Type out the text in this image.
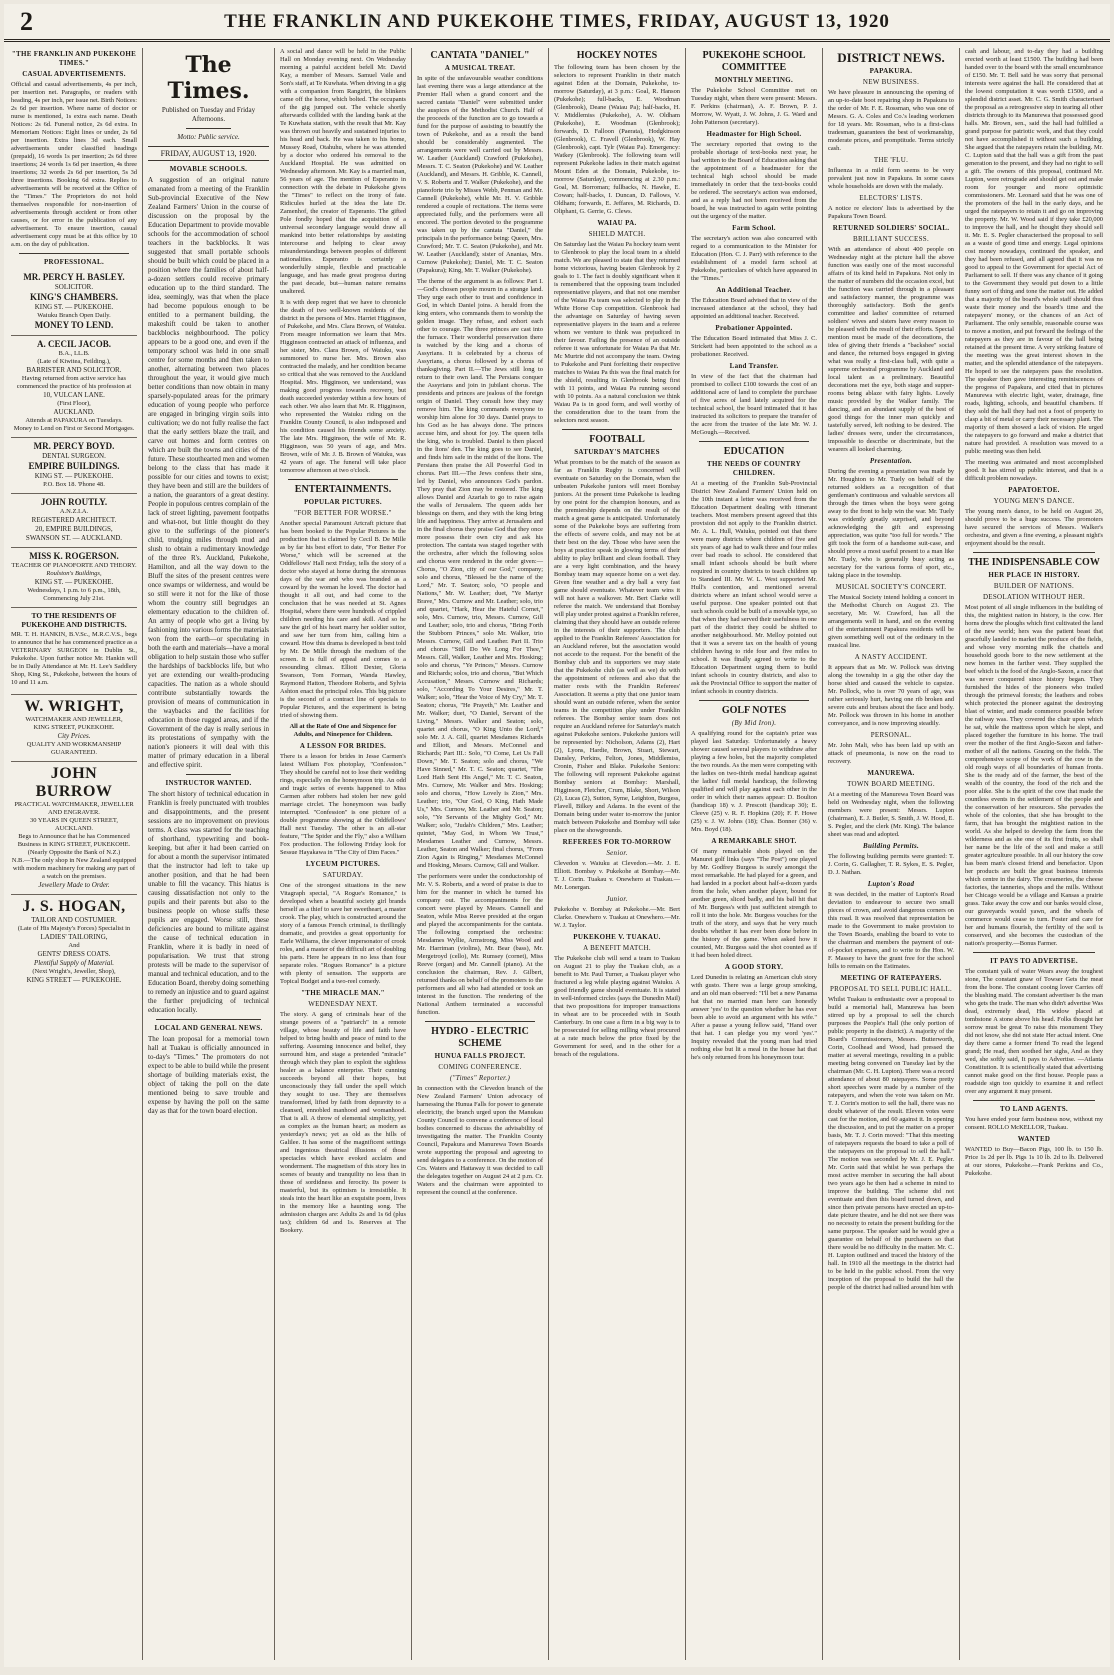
2	THE FRANKLIN AND PUKEKOHE TIMES, FRIDAY, AUGUST 13, 1920
"THE FRANKLIN AND PUKEKOHE TIMES."
CASUAL ADVERTISEMENTS.

Official and casual advertisements, 4s per inch, per insertion net. Paragraphs, or readers with heading, 4s per inch, per issue net. Birth Notices: 2s 6d per insertion. Where name of doctor or nurse is mentioned, 1s extra each name. Death Notices: 2s 6d. Funeral notice, 2s 6d extra. In Memoriam Notices: Eight lines or under, 2s 6d per insertion. Extra lines 3d each. Small advertisements under classified headings (prepaid), 16 words 1s per insertion; 2s 6d three insertions; 24 words 1s 6d per insertion, 4s three insertions; 32 words 2s 6d per insertion, 5s 3d three insertions. Booking 6d extra. Replies to advertisements will be received at the Office of the "Times." The Proprietors do not hold themselves responsible for non-insertion of advertisements through accident or from other causes, or for error in the publication of any advertisement. To ensure insertion, casual advertisement copy must be at this office by 10 a.m. on the day of publication.

PROFESSIONAL.
MR. PERCY H. BASLEY.
SOLICITOR.
KING'S CHAMBERS.
KING ST. — PUKEKOHE.
Waiuku Branch Open Daily.
MONEY TO LEND.
A. CECIL JACOB.
B.A., LL.B.
(Late of Kiwitea, Feilding.),
BARRISTER AND SOLICITOR.
Having returned from active service has commenced the practice of his profession at
10, VULCAN LANE.
(First Floor),
AUCKLAND.
Attends at PAPAKURA on Tuesdays.
Money to Lend on First or Second Mortgages.
MR. PERCY BOYD.
DENTAL SURGEON.
EMPIRE BUILDINGS.
KING ST. — PUKEKOHE.
P.O. Box 18. 'Phone 48.
JOHN ROUTLY.
A.N.Z.I.A.
REGISTERED ARCHITECT.
20, EMPIRE BUILDINGS,
SWANSON ST. — AUCKLAND.
MISS K. ROGERSON.
TEACHER OF PIANOFORTE AND THEORY.
Roulston's Buildings,
KING ST. — PUKEKOHE.
Wednesdays, 1 p.m. to 6 p.m., 18th, Commencing July 21st.
TO THE RESIDENTS OF PUKEKOHE AND DISTRICTS.

MR. T. H. HANKIN, B.V.Sc., M.R.C.V.S., begs to announce that he has commenced practice as a VETERINARY SURGEON in Dublin St., Pukekohe. Upon further notice Mr. Hankin will be in Daily Attendance at Mr. H. Lee's Saddlery Shop, King St., Pukekohe, between the hours of 10 and 11 a.m.

W. WRIGHT,
WATCHMAKER AND JEWELLER,
KING STREET, PUKEKOHE.
City Prices.
QUALITY AND WORKMANSHIP GUARANTEED.
JOHN BURROW
PRACTICAL WATCHMAKER, JEWELLER AND ENGRAVER.
30 YEARS IN QUEEN STREET, AUCKLAND.
Begs to Announce that he has Commenced Business in KING STREET, PUKEKOHE. (Nearly Opposite the Bank of N.Z.)
N.B.—The only shop in New Zealand equipped with modern machinery for making any part of a watch on the premises.
Jewellery Made to Order.
J. S. HOGAN,
TAILOR AND COSTUMIER.
(Late of His Majesty's Forces) Specialist in
LADIES' TAILORING,
And
GENTS' DRESS COATS.
Plentiful Supply of Material.
(Next Wright's, Jeweller, Shop),
KING STREET — PUKEKOHE.
The Times.
Published on Tuesday and Friday Afternoons.
Motto: Public service.
FRIDAY, AUGUST 13, 1920.
MOVABLE SCHOOLS.

A suggestion of an original nature emanated from a meeting of the Franklin Sub-provincial Executive of the New Zealand Farmers' Union in the course of discussion on the proposal by the Education Department to provide movable schools for the accommodation of school teachers in the backblocks. It was suggested that small portable schools should be built which could be placed in a position where the families of about half-a-dozen settlers could receive primary education up to the third standard. The idea, seemingly, was that when the place had become populous enough to be entitled to a permanent building, the makeshift could be taken to another backblocks neighbourhood. The policy appears to be a good one, and even if the temporary school was held in one small centre for some months and then taken to another, alternating between two places throughout the year, it would give much better conditions than now obtain in many sparsely-populated areas for the primary education of young people who perforce are engaged in bringing virgin soils into cultivation; we do not fully realise the fact that the early settlers blaze the trail, and carve out homes and form centres on which are built the towns and cities of the future. These stouthearted men and women belong to the class that has made it possible for our cities and towns to exist; they have been and still are the builders of a nation, the guarantors of a great destiny. People in populous centres complain of the lack of street lighting, pavement footpaths and what-not, but little thought do they give to the sufferings of the pioneer's child, trudging miles through mud and slush to obtain a rudimentary knowledge of the three R's. Auckland, Pukekohe, Hamilton, and all the way down to the Bluff the sites of the present centres were once swamps or wilderness, and would be so still were it not for the like of those whom the country still begrudges an elementary education to the children of. An army of people who get a living by fashioning into various forms the materials won from the earth—or speculating in both the earth and materials—have a moral obligation to help sustain those who suffer the hardships of backblocks life, but who yet are extending our wealth-producing capacities. The nation as a whole should contribute substantially towards the provision of means of communication in the waybacks and the facilities for education in those rugged areas, and if the Government of the day is really serious in its protestations of sympathy with the nation's pioneers it will deal with this matter of primary education in a liberal and effective spirit.

INSTRUCTOR WANTED.

The short history of technical education in Franklin is freely punctuated with troubles and disappointments, and the present sessions are no improvement on previous terms. A class was started for the teaching of shorthand, typewriting and book-keeping, but after it had been carried on for about a month the supervisor intimated that the instructor had left to take up another position, and that he had been unable to fill the vacancy. This hiatus is causing dissatisfaction not only to the pupils and their parents but also to the business people on whose staffs these pupils are engaged. Worse still, these deficiencies are bound to militate against the cause of technical education in Franklin, where it is badly in need of popularisation. We trust that strong protests will be made to the supervisor of manual and technical education, and to the Education Board, thereby doing something to remedy an injustice and to guard against the further prejudicing of technical education locally.

LOCAL AND GENERAL NEWS.

The loan proposal for a memorial town hall at Tuakau is officially announced in to-day's "Times." The promoters do not expect to be able to build while the present shortage of building materials exist, the object of taking the poll on the date mentioned being to save trouble and expense by having the poll on the same day as that for the town board election.

A social and dance will be held in the Public Hall on Monday evening next. On Wednesday morning a painful accident befell Mr. David Kay, a member of Messrs. Samuel Vaile and Son's staff, at Te Kuwhata. When driving in a gig with a companion from Rangiriri, the blinkers came off the horse, which bolted. The occupants of the gig jumped out. The vehicle shortly afterwards collided with the landing bank at the Te Kuwhata station, with the result that Mr. Kay was thrown out heavily and sustained injuries to his head and back. He was taken to his home, Mussey Road, Otahuhu, where he was attended by a doctor who ordered his removal to the Auckland Hospital. He was admitted on Wednesday afternoon. Mr. Kay is a married man, 56 years of age. The mention of Esperanto in connection with the debate in Pukekohe gives the "Times" to reflect on the irony of fate. Ridicules hurled at the idea the late Dr. Zamenhof, the creator of Esperanto. The gifted Pole fondly hoped that the acquisition of a universal secondary language would draw all mankind into better relationships by assisting intercourse and helping to clear away misunderstandings between peoples of different nationalities. Esperanto is certainly a wonderfully simple, flexible and practicable language, and has made great progress during the past decade, but—human nature remains unaltered.

It is with deep regret that we have to chronicle the death of two well-known residents of the district in the persons of Mrs. Harriet Higginson, of Pukekohe, and Mrs. Clara Brown, of Waiuku. From meagre information we learn that Mrs. Higginson contracted an attack of influenza, and her sister, Mrs. Clara Brown, of Waiuku, was summoned to nurse her. Mrs. Brown also contracted the malady, and her condition became so critical that she was removed to the Auckland Hospital. Mrs. Higginson, we understand, was making good progress towards recovery, but death succeeded yesterday within a few hours of each other. We also learn that Mr. R. Higginson, who represented the Waiuku riding on the Franklin County Council, is also indisposed and his condition caused his friends some anxiety. The late Mrs. Higginson, the wife of Mr. R. Higginson, was 50 years of age, and Mrs. Brown, wife of Mr. J. B. Brown of Waiuku, was 42 years of age. The funeral will take place tomorrow afternoon at two o'clock.

ENTERTAINMENTS.
POPULAR PICTURES.
"FOR BETTER FOR WORSE."

Another special Paramount Artcraft picture that has been booked to the Popular Pictures is the production that is claimed by Cecil B. De Mille as by far his best effort to date, "For Better For Worse," which will be screened at the Oddfellows' Hall next Friday, tells the story of a doctor who stayed at home during the strenuous days of the war and who was branded as a coward by the woman he loved. The doctor had thought it all out, and had come to the conclusion that he was needed at St. Agnes Hospital, where there were hundreds of crippled children needing his care and skill. And so he saw the girl of his heart marry her soldier suitor, and saw her turn from him, calling him a coward. How this drama is developed is best told by Mr. De Mille through the medium of the screen. It is full of appeal and comes to a resounding climax. Elliott Dexter, Gloria Swanson, Tom Forman, Wanda Hawley, Raymond Hatton, Theodore Roberts, and Sylvia Ashton enact the principal roles. This big picture is the second of a contract line of specials to Popular Pictures, and the experiment is being tried of showing them.

All at the Rate of One and Sixpence for Adults, and Ninepence for Children.

A LESSON FOR BRIDES.

There is a lesson for brides in Jesse Carmen's latest William Fox photoplay, "Confession." They should be careful not to lose their wedding rings, especially on the honeymoon trip. An odd and tragic series of events happened to Miss Carmen after robbers had stolen her new gold marriage circlet. The honeymoon was badly interrupted. "Confession" is one picture of a double programme showing at the Oddfellows' Hall next Tuesday. The other is an all-star feature, "The Spider and the Fly," also a William Fox production. The following Friday look for Sessue Hayakawa in "The City of Dim Faces."

LYCEUM PICTURES.
SATURDAY.

One of the strongest situations in the new Vitagraph special, "A Rogue's Romance," is developed when a beautiful society girl brands herself as a thief to save her sweetheart, a master crook. The play, which is constructed around the story of a famous French criminal, is thrillingly dramatic, and provides a great opportunity for Earle Williams, the clever impersonator of crook roles, and a master of the difficult art of doubling his parts. Here he appears in no less than four separate roles. "Rogues Romance" is a picture with plenty of sensation. The supports are Topical Budget and a two-reel comedy.

"THE MIRACLE MAN."
WEDNESDAY NEXT.

The story. A gang of criminals hear of the strange powers of a "patriarch" in a remote village, whose beauty of life and faith have helped to bring health and peace of mind to the suffering. Assuming innocence and belief, they surround him, and stage a pretended "miracle" through which they plan to exploit the sightless healer as a balance enterprise. Their cunning succeeds beyond all their hopes, but unconsciously they fall under the spell which they sought to use. They are themselves transformed, lifted by faith from depravity to a cleansed, ennobled manhood and womanhood. That is all. A throw of elemental simplicity, yet as complex as the human heart; as modern as yesterday's news; yet as old as the hills of Galilee. It has some of the magnificent settings and ingenious theatrical illusions of those spectacles which have evoked acclaim and wonderment. The magnetism of this story lies in scenes of beauty and tranquility no less than in those of sordidness and ferocity. Its power is masterful, but its optimism is irresistible. It steals into the heart like an exquisite poem, lives in the memory like a haunting song. The admission charges are: Adults 2s and 1s 6d (plus tax); children 6d and 1s. Reserves at The Bookery.

CANTATA "DANIEL"
A MUSICAL TREAT.

In spite of the unfavourable weather conditions last evening there was a large attendance at the Premier Hall when a grand concert and the sacred cantata "Daniel" were submitted under the auspices of the Methodist Church. Half of the proceeds of the function are to go towards a fund for the purpose of assisting to beautify the town of Pukekohe, and as a result the band should be considerably augmented. The arrangements were well carried out by Messrs. W. Leather (Auckland) Crawford (Pukekohe), Messrs. T. C. Seaton (Pukekohe) and W. Leather (Auckland), and Messrs. H. Gribble, K. Cannell, V. S. Roberts and T. Walker (Pukekohe), and the pianoforte trio by Misses Webb, Penman and Mr. Cannell (Pukekohe), while Mr. H. V. Gribble rendered a couple of recitations. The items were appreciated fully, and the performers were all encored. The portion devoted to the programme was taken up by the cantata "Daniel," the principals in the performance being: Queen, Mrs. Crawford; Mr. T. C. Seaton (Pukekohe), and Mr. W. Leather (Auckland); sister of Ananias, Mrs. Curnow (Pukekohe); Daniel, Mr. T. C. Seaton (Papakura); King, Mr. T. Walker (Pukekohe).

The theme of the argument is as follows: Part I.—God's chosen people mourn in a strange land. They urge each other to trust and confidence in God, in which Daniel joins. A herald from the king enters, who commands them to worship the golden image. They refuse, and exhort each other to courage. The three princes are cast into the furnace. Their wonderful preservation there is watched by the king and a chorus of Assyrians. It is celebrated by a chorus of Assyrians, a chorus followed by a chorus of thanksgiving. Part II.—The Jews still long to return to their own land. The Persians conquer the Assyrians and join in jubilant chorus. The presidents and princes are jealous of the foreign origin of Daniel. They consult how they may remove him. The king commands everyone to worship him alone for 30 days. Daniel prays to his God as he has always done. The princes accuse him, and shout for joy. The queen tells the king, who is troubled. Daniel is then placed in the lions' den. The king goes to see Daniel, and finds him safe in the midst of the lions. The Persians then praise the All Powerful God in chorus. Part III.—The Jews confess their sins, led by Daniel, who announces God's pardon. They pray that Zion may be restored. The king allows Daniel and Azariah to go to raise again the walls of Jerusalem. The queen adds her blessings on them, and they with the king bring life and happiness. They arrive at Jerusalem and in the final chorus they praise God that they once more possess their own city and ask his protection. The cantata was staged together with the orchestra, after which the following solos and chorus were rendered in the order given:—Chorus, "O Zion, city of our God," company; solo and chorus, "Blessed be the name of the Lord," Mr. T. Seaton; solo, "O people and Nations," Mr. W. Leather; duet, "Ye Martyr Brave," Mrs. Curnow and Mr. Leather; solo, trio and quartet, "Hark, Hear the Hateful Cornet," solo, Mrs. Curnow, trio, Messrs. Curnow, Gill and Leather; solo, trio and chorus, "Bring Forth the Stubborn Princes," solo Mr. Walker, trio Messrs. Curnow, Gill and Leather. Part II. Trio and chorus "Still Do We Long For Thee," Messrs. Gill, Walker, Leather and Mrs. Hosking; solo and chorus, "Ye Princes," Messrs. Curnow and Richards; solos, trio and chorus, "But Which Accusation," Messrs. Curnow and Richards; solo, "According To Your Desires," Mr. T. Walker; solo, "Hear the Voice of My Cry," Mr. T. Seaton; chorus, "He Prayeth," Mr. Leather and Mr. Walker; duet, "O Daniel, Servant of the Living," Messrs. Walker and Seaton; solo, quartet and chorus, "O King Unto the Lord," solo Mr. J. A. Gill, quartet Mesdames Richards and Elliott, and Messrs. McConnel and Richards; Part III.: Solo, "O Come, Let Us Fall Down," Mr. T. Seaton; solo and chorus, "We Have Sinned," Mr. T. C. Seaton; quartet, "The Lord Hath Sent His Angel," Mr. T. C. Seaton, Mrs. Curnow, Mr. Walker and Mrs. Hosking; solo and chorus, "How Lovely is Zion," Mrs. Leather; trio, "Our God, O King, Hath Made Us," Mrs. Curnow, Mr. Leather and Mr. Seaton; solo, "Ye Servants of the Mighty God," Mr. Walker; solo, "Judah's Children," Mrs. Leather; quintet, "May God, in Whom We Trust," Mesdames Leather and Curnow, Messrs. Leather, Seaton and Walker; final chorus, "From Zion Again is Ringing," Mesdames McConnel and Hosking, Messrs. Curnow, Gill and Walker.

The performers were under the conductorship of Mr. V. S. Roberts, and a word of praise is due to him for the manner in which he turned his company out. The accompaniments for the concert were played by Messrs. Cannell and Seaton, while Miss Reeve presided at the organ and played the accompaniments for the cantata. The following comprised the orchestra: Mesdames Wyllie, Armstrong, Miss Wood and Mr. Harriman (violins), Mr. Bear (bass), Mr. Mergetroyd (cello), Mr. Rumsey (cornet), Miss Reeve (organ) and Mr. Cannell (piano). At the conclusion the chairman, Rev. J. Gilbert, returned thanks on behalf of the promoters to the performers and all who had attended or took an interest in the function. The rendering of the National Anthem terminated a successful function.

HYDRO - ELECTRIC SCHEME
HUNUA FALLS PROJECT.
COMING CONFERENCE.
("Times" Reporter.)

In connection with the Clevedon branch of the New Zealand Farmers' Union advocacy of harnessing the Hunua Falls for power to generate electricity, the branch urged upon the Manukau County Council to convene a conference of local bodies concerned to discuss the advisability of investigating the matter. The Franklin County Council, Papakura and Manurewa Town Boards wrote supporting the proposal and agreeing to send delegates to a conference. On the motion of Crs. Waters and Hattaway it was decided to call the delegates together on August 24 at 2 p.m. Cr. Waters and the chairman were appointed to represent the council at the conference.

HOCKEY NOTES

The following team has been chosen by the selectors to represent Franklin in their match against Eden at the Domain, Pukekohe, to-morrow (Saturday), at 3 p.m.: Goal, R. Hanson (Pukekohe); full-backs, E. Woodman (Glenbrook), Deane (Waiau Pa); half-backs, H. V. Middlemiss (Pukekohe), A. W. Oldham (Pukekohe), E. Woodman (Glenbrook); forwards, D. Falloon (Paerata), Hodgkinson (Glenbrook), C. Fravell (Glenbrook), W. Hay (Glenbrook), capt. Tylr (Waiau Pa). Emergency: Watkey (Glenbrook). The following team will represent Pukekohe ladies in their match against Mount Eden at the Domain, Pukekohe, to-morrow (Saturday), commencing at 2.30 p.m.: Goal, M. Borroman; fullbacks, N. Hawke, E. Cowan; half-backs, I. Duncan, D. Fallows, V. Oldham; forwards, E. Jeffares, M. Richards, D. Oliphant, G. Gerrie, G. Clews.

WAIAU PA.
SHIELD MATCH.

On Saturday last the Waiau Pa hockey team went to Glenbrook to play the local team in a shield match. We are pleased to state that they returned home victorious, having beaten Glenbrook by 2 goals to 1. The fact is doubly significant when it is remembered that the opposing team included representative players, and that not one member of the Waiau Pa team was selected to play in the White Horse Cup competition. Glenbrook had the advantage on Saturday of having seven representative players in the team and a referee whom we venture to think was prejudiced in their favour. Failing the presence of an outside referee it was unfortunate for Waiau Pa that Mr. Mc Murtrie did not accompany the team. Owing to Pukekohe and Puni forfeiting their respective matches to Waiau Pa this was the final match for the shield, resulting in Glenbrook being first with 11 points, and Waiau Pa running second with 10 points. As a natural conclusion we think Waiau Pa is in good form, and well worthy of the consideration due to the team from the selectors next season.

FOOTBALL
SATURDAY'S MATCHES

What promises to be the match of the season as far as Franklin Rugby is concerned will eventuate on Saturday on the Domain, when the unbeaten Pukekohe juniors will meet Bombay juniors. At the present time Pukekohe is leading by one point for the champion honours, and as the premiership depends on the result of the match a great game is anticipated. Unfortunately some of the Pukekohe boys are suffering from the effects of severe colds, and may not be at their best on the day. Those who have seen the boys at practice speak in glowing terms of their ability to play brilliant and clean football. They are a very light combination, and the heavy Bombay team may squeeze home on a wet day. Given fine weather and a dry ball a very fast game should eventuate. Whatever team wins it will not have a walkover. Mr. Bert Clarke will referee the match. We understand that Bombay will play under protest against a Franklin referee, claiming that they should have an outside referee in the interests of their supporters. The club applied to the Franklin Referees' Association for an Auckland referee, but the association would not accede to the request. For the benefit of the Bombay club and its supporters we may state that the Pukekohe club (as well as we) do with the appointment of referees and also that the matter rests with the Franklin Referees' Association. It seems a pity that one junior team should want an outside referee, when the senior teams in the competition play under Franklin referees. The Bombay senior team does not require an Auckland referee for Saturday's match against Pukekohe seniors. Pukekohe juniors will be represented by: Nicholson, Adams (2), Hart (2), Lyons, Hardie, Brown, Stuart, Stewart, Dansley, Perkins, Felton, Jones, Middlemiss, Cronin, Fisher and Blake. Pukekohe Seniors: The following will represent Pukekohe against Bombay seniors at Bombay: Marshall, Higginson, Fletcher, Crum, Blake, Short, Wilson (2), Lucas (2), Sutton, Syme, Leighton, Burgess, Flavell, Bilkey and Adams. In the event of the Domain being under water to-morrow the junior match between Pukekohe and Bombay will take place on the showgrounds.

REFEREES FOR TO-MORROW
Senior.

Clevedon v. Waiuku at Clevedon.—Mr. J. E. Elliott. Bombay v. Pukekohe at Bombay.—Mr. T. J. Corin. Tuakau v. Onewhero at Tuakau.—Mr. Lonergan.

Junior.

Pukekohe v. Bombay at Pukekohe.—Mr. Bert Clarke. Onewhero v. Tuakau at Onewhero.—Mr. W. J. Taylor.

PUKEKOHE V. TUAKAU.
A BENEFIT MATCH.

The Pukekohe club will send a team to Tuakau on August 21 to play the Tuakau club, as a benefit to Mr. Paul Turner, a Tuakau player who fractured a leg while playing against Waiuku. A good friendly game should eventuate. It is stated in well-informed circles (says the Dunedin Mail) that two propositions for improper transactions in wheat are to be proceeded with in South Canterbury. In one case a firm in a big way is to be prosecuted for selling milling wheat procured at a rate much below the price fixed by the Government for seed, and in the other for a breach of the regulations.

PUKEKOHE SCHOOL COMMITTEE
MONTHLY MEETING.

The Pukekohe School Committee met on Tuesday night, when there were present: Messrs. F. Perkins (chairman), A. F. Brown, P. J. Morrow, W. Wyatt, J. W. Johns, J. G. Ward and John Patterson (secretary).

Headmaster for High School.

The secretary reported that owing to the probable shortage of text-books next year, he had written to the Board of Education asking that the appointment of a headmaster for the technical high school should be made immediately in order that the text-books could be ordered. The secretary's action was endorsed, and as a reply had not been received from the board, he was instructed to again write pointing out the urgency of the matter.

Farm School.

The secretary's action was also concurred with regard to a communication to the Minister for Education (Hon. C. J. Parr) with reference to the establishment of a model farm school at Pukekohe, particulars of which have appeared in the "Times."

An Additional Teacher.

The Education Board advised that in view of the increased attendance at the school, they had appointed an additional teacher. Received.

Probationer Appointed.

The Education Board intimated that Miss J. C. Strickett had been appointed to the school as a probationer. Received.

Land Transfer.

In view of the fact that the chairman had promised to collect £100 towards the cost of an additional acre of land to complete the purchase of five acres of land lately acquired for the technical school, the board intimated that it has instructed its solicitors to prepare the transfer of the acre from the trustee of the late Mr. W. J. McGough.—Received.

EDUCATION
THE NEEDS OF COUNTRY CHILDREN.

At a meeting of the Franklin Sub-Provincial District New Zealand Farmers' Union held on the 10th instant a letter was received from the Education Department dealing with itinerant teachers. Most members present agreed that this provision did not apply to the Franklin district. Mr. A. L. Hull, Waiuku, pointed out that there were many districts where children of five and six years of age had to walk three and four miles over bad roads to school. He considered that small infant schools should be built where required in country districts to teach children up to Standard III. Mr. W. L. West supported Mr. Hull's contention, and mentioned several districts where an infant school would serve a useful purpose. One speaker pointed out that such schools could be built of a movable type, so that when they had served their usefulness in one part of the district they could be shifted to another neighbourhood. Mr. Melloy pointed out that it was a severe tax on the health of young children having to ride four and five miles to school. It was finally agreed to write to the Education Department urging them to build infant schools in country districts, and also to ask the Provincial Office to support the matter of infant schools in country districts.

GOLF NOTES
(By Mid Iron).

A qualifying round for the captain's prize was played last Saturday. Unfortunately a heavy shower caused several players to withdraw after playing a few holes, but the majority completed the two rounds. As the men were competing with the ladies on two-thirds medal handicap against the ladies' full medal handicap, the following qualified and will play against each other in the order in which their names appear: D. Boulton (handicap 18) v. J. Prescott (handicap 30); E. Cleeve (25) v. R. F. Hopkins (20); F. F. Howe (25) v. J. W. Johns (18); Chas. Bonner (36) v. Mrs. Boyd (18).

A REMARKABLE SHOT.

Of many remarkable shots played on the Manurei golf links (says "The Post") one played by Mr. Godfrey Burgess is surely amongst the most remarkable. He had played for a green, and had landed in a pocket about half-a-dozen yards from the hole, when another player, bound for another green, sliced badly, and his ball hit that of Mr. Burgess's with just sufficient strength to roll it into the hole. Mr. Burgess vouches for the truth of the story, and says that he very much doubts whether it has ever been done before in the history of the game. When asked how it counted, Mr. Burgess said the shot counted as if it had been holed direct.

A GOOD STORY.

Lord Dunedin is relating an American club story with gusto. There was a large group smoking, and an old man observed: "I'll bet a new Panama hat that no married man here can honestly answer 'yes' to the question whether he has ever been able to avoid an argument with his wife." After a pause a young fellow said, "Hand over that hat. I can pledge you my word 'yes'." Inquiry revealed that the young man had tried nothing else but lit a meal in the house hat that he's only returned from his honeymoon tour.

DISTRICT NEWS.
PAPAKURA.
NEW BUSINESS.

We have pleasure in announcing the opening of an up-to-date boot repairing shop in Papakura to the order of Mr. F. E. Rossman, who was one of Messrs. G. A. Coles and Co.'s leading workmen for 18 years. Mr. Rossman, who is a first-class tradesman, guarantees the best of workmanship, moderate prices, and promptitude. Terms strictly cash.

THE 'FLU.

Influenza in a mild form seems to be very prevalent just now in Papakura. In some cases whole households are down with the malady.

ELECTORS' LISTS.

A notice re electors' lists is advertised by the Papakura Town Board.

RETURNED SOLDIERS' SOCIAL.
BRILLIANT SUCCESS.

With an attendance of about 400 people on Wednesday night at the picture hall the above function was easily one of the most successful affairs of its kind held in Papakura. Not only in the matter of numbers did the occasion excel, but the function was carried through in a pleasant and satisfactory manner, the programme was thoroughly satisfactory. Both the gent's committee and ladies' committee of returned soldiers' wives and sisters have every reason to be pleased with the result of their efforts. Special mention must be made of the decorations, the idea of giving their friends a "backshee" social and dance, the returned boys engaged in giving what was really a first-class ball, with quite a supreme orchestral programme by Auckland and local talent as a preliminary. Beautiful decorations met the eye, both stage and supper-rooms being ablaze with fairy lights. Lovely music provided by the Walker family. The dancing, and an abundant supply of the best of good things for the inner man quickly and tastefully served, left nothing to be desired. The ladies' dresses were, under the circumstances, impossible to describe or discriminate, but the wearers all looked charming.

Presentation.

During the evening a presentation was made by Mr. Houghton to Mr. Tuely on behalf of the returned soldiers as a recognition of that gentleman's continuous and valuable services all through the times when the boys were going away to the front to help win the war. Mr. Tuely was evidently greatly surprised, and beyond acknowledging the gift and expressing appreciation, was quite "too full for words." The gift took the form of a handsome suit-case, and should prove a most useful present to a man like Mr. Tuely, who is generally busy acting as secretary for the various forms of sport, etc., taking place in the township.

MUSICAL SOCIETY'S CONCERT.

The Musical Society intend holding a concert in the Methodist Church on August 23. The secretary, Mr. W. Crawford, has all the arrangements well in hand, and on the evening of the entertainment Papakura residents will be given something well out of the ordinary in the musical line.

A NASTY ACCIDENT.

It appears that as Mr. W. Pollock was driving along the township in a gig the other day the horse shied and caused the vehicle to capsize. Mr. Pollock, who is over 70 years of age, was rather seriously hurt, having one rib broken and severe cuts and bruises about the face and body. Mr. Pollock was thrown in his home in another conveyance, and is now improving steadily.

PERSONAL.

Mr. John Mali, who has been laid up with an attack of pneumonia, is now on the road to recovery.

MANUREWA.
TOWN BOARD MEETING.

At a meeting of the Manurewa Town Board was held on Wednesday night, when the following members were present: Messrs. Lupton (chairman), E. J. Butler, S. Smith, J. W. Hood, E. S. Pegler, and the clerk (Mr. King). The balance sheet was read and adopted.

Building Permits.

The following building permits were granted: T. J. Corin, G. Gallagher, T. R. Sykes, E. S. Pegler, D. J. Nathan.

Lupton's Road

It was decided, in the matter of Lupton's Road deviation to endeavour to secure two small pieces of crown, and avoid dangerous corners on this road. It was resolved that representation be made to the Government to make provision to the Town Boards, enabling the board to vote to the chairman and members the payment of out-of-pocket expenses, and to write to the Hon. W. F. Massey to have the grant free for the school hills to remain on the Estimates.

MEETING OF RATEPAYERS.
PROPOSAL TO SELL PUBLIC HALL.

Whilst Tuakau is enthusiastic over a proposal to build a memorial hall, Manurewa has been stirred up by a proposal to sell the church purposes the People's Hall (the only portion of public property in the district). A majority of the Board's Commissioners, Messrs. Butterworth, Corin, Coolhead and Wood, had pressed the matter at several meetings, resulting in a public meeting being convened on Tuesday last by the chairman (Mr. C. H. Lupton). There was a record attendance of about 80 ratepayers. Some pretty short speeches were made by a number of the ratepayers, and when the vote was taken on Mr. T. J. Corin's motion to sell the hall, there was no doubt whatever of the result. Eleven votes were cast for the motion, and 60 against it. In opening the discussion, and to put the matter on a proper basis, Mr. T. J. Corin moved: "That this meeting of ratepayers requests the board to take a poll of the ratepayers on the proposal to sell the hall." The motion was seconded by Mr. J. E. Pegler. Mr. Corin said that whilst he was perhaps the most active member in securing the hall about two years ago he then had a scheme in mind to improve the building. The scheme did not eventuate and then this board turned down, and since then private persons have erected an up-to-date picture theatre, and he did not see there was no necessity to retain the present building for the same purpose. The speaker said he would give a guarantee on behalf of the purchasers so that there would be no difficulty in the matter. Mr. C. H. Lupton outlined and traced the history of the hall. In 1910 all the meetings in the district had to be held in the public school. From the very inception of the proposal to build the hall the people of the district had rallied around him with

cash and labour, and to-day they had a building erected worth at least £1500. The building had been handed over to the board with the small encumbrance of £150. Mr. T. Bell said he was sorry that personal interests were against the hall. He considered that at the lowest computation it was worth £1500, and a splendid district asset. Mr. C. G. Smith characterised the proposal as a retrogressive step in tearing all other districts through to its Manurewa that possessed good halls. Mr. Brown, sen., said the hall had fulfilled a grand purpose for patriotic work, and that they could not have accomplished it without such a building. She argued that the ratepayers retain the building. Mr. C. Lupton said that the hall was a gift from the past generation to the present, and they had no right to sell a gift. The owners of this proposal, continued Mr. Lupton, were retrograde and should get out and make room for younger and more optimistic commissioners. Mr. Leonard said that he was one of the promoters of the hall in the early days, and he urged the ratepayers to retain it and go on improving the property. Mr. W. Wood said if they take £20,000 to improve the hall, and he thought they should sell it. Mr. E. S. Pegler characterised the proposal to sell as a waste of good time and energy. Legal opinions cost money nowadays, continued the speaker, and they had been refused, and all agreed that it was no good to appeal to the Government for special Act of Parliament to sell. If there was any chance of it going to the Government they would put down to a little funny sort of thing and tone the matter out. He added that a majority of the board's whole staff should thus waste their money and the board's time and the ratepayers' money, or the chances of an Act of Parliament. The only sensible, reasonable course was to move a motion, and put forward the feelings of the ratepayers as they are in favour of the hall being retained at the present time. A very striking feature of the meeting was the great interest shown in the matter, and the splendid attendance of the ratepayers. He hoped to see the ratepayers pass the resolution. The speaker then gave interesting reminiscences of the progress of Papakura, and cited that in pictures Manurewa with electric light, water, drainage, fine roads, lighting, schools, and beautiful chambers. If they sold the hall they had not a foot of property to clasp a bit of metal or carry their necessary plant. The majority of them showed a lack of vision. He urged the ratepayers to go forward and make a district that nature had provided. A resolution was moved to a public meeting was then held.

The meeting was animated and most accomplished good. It has stirred up public interest, and that is a difficult problem nowadays.

PAPATOETOE.
YOUNG MEN'S DANCE.

The young men's dance, to be held on August 26, should prove to be a huge success. The promoters have secured the services of Messrs. Walker's orchestra, and given a fine evening, a pleasant night's enjoyment should be the result.

THE INDISPENSABLE COW
HER PLACE IN HISTORY.
BUILDER OF NATIONS.
DESOLATION WITHOUT HER.

Most potent of all single influences in the building of this, the mightiest nation in history, is the cow. Her horns drew the ploughs which first cultivated the land of the new world; hers was the patient beast that gracefully landed to market the produce of the fields, and whose very morning milk the chattels and household goods bore to the new settlement at the new homes in the farther west. They supplied the beef which is the food of the Anglo-Saxon, a race that was never conquered since history began. They furnished the hides of the pioneers who trailed through the primeval forests; the leathers and robes which protected the pioneer against the destroying blast of winter, and made commerce possible before the railway was. They covered the chair upon which he sat, while the mattress upon which he slept, and placed together the furniture in his home. The trail over the mother of the first Anglo-Saxon and father-mother of all the nations. Grazing on the fields. The comprehensive scope of the work of the cow in the old rough ways of all boundaries of human fronts. She is the ready aid of the farmer, the best of the wealth of the country, the food of the rich and the poor alike. She is the spirit of the cow that made the countless events in the settlement of the people and the conservation of her resources. She pervades the whole of the colonies, that she has brought to the farm, that has brought the mightiest nation in the world. As she helped to develop the farm from the wilderness and as she one of its first fruits, so shall her name be the life of the soil and make a still greater agriculture possible. In all our history the cow has been man's closest friend and benefactor. Upon her products are built the great business interests which centre in the dairy. The creameries, the cheese factories, the tanneries, shops and the mills. Without her Chicago would be a village and Kansas a prairie grass. Take away the cow and our banks would close, our graveyards would yawn, and the wheels of commerce would cease to turn. Foster and care for her and humans flourish, the fertility of the soil is conserved, and she becomes the custodian of the nation's prosperity.—Bonus Farmer.

IT PAYS TO ADVERTISE.

The constant yalk of water Wears away the toughest stone, The constant gnaw of Towser Gets the meat from the bone. The constant cooing lover Carries off the blushing maid. The constant advertiser Is the man who gets the trade. The man who didn't advertise Was dead, extremely dead, His widow placed at tombstone A stone above his head. Folks thought her sorrow must be great To raise this monument They did not know, she did not state Her actual intent. One day there came a former friend To read the legend grand; He read, then soothed her sighs, And as they wed, she softly said, It pays to Advertise. —Atlanta Constitution. It is scientifically stated that advertising cannot make good on the first house. People pass a roadside sign too quickly to examine it and reflect over any argument it may present.

TO LAND AGENTS.

You have ended your farm business now, without my consent. ROLLO McKELLOR, Tuakau.

WANTED

WANTED to Buy—Bacon Pigs, 100 lb. to 150 lb. Price 1s 2d per lb. Pigs 1s 10 lb. 2d to lb. Delivered at our stores, Pukekohe.—Frank Perkins and Co., Pukekohe.
